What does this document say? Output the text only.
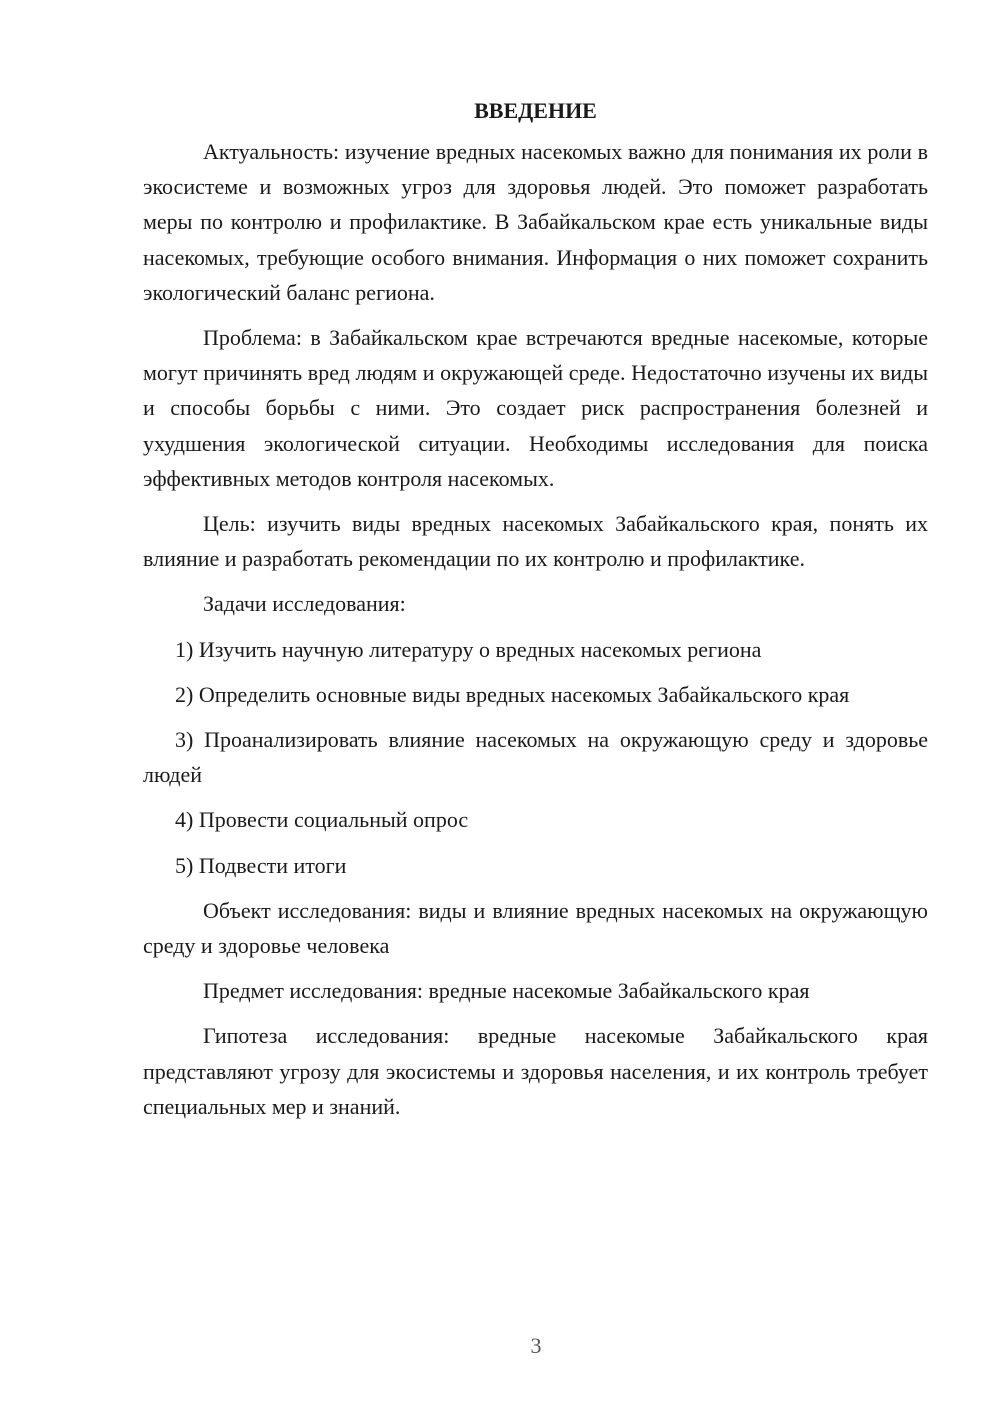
ВВЕДЕНИЕ

Актуальность: изучение вредных насекомых важно для понимания их роли в экосистеме и возможных угроз для здоровья людей. Это поможет разработать меры по контролю и профилактике. В Забайкальском крае есть уникальные виды насекомых, требующие особого внимания. Информация о них поможет сохранить экологический баланс региона.

Проблема: в Забайкальском крае встречаются вредные насекомые, которые могут причинять вред людям и окружающей среде. Недостаточно изучены их виды и способы борьбы с ними. Это создает риск распространения болезней и ухудшения экологической ситуации. Необходимы исследования для поиска эффективных методов контроля насекомых.

Цель: изучить виды вредных насекомых Забайкальского края, понять их влияние и разработать рекомендации по их контролю и профилактике.

Задачи исследования:

1) Изучить научную литературу о вредных насекомых региона

2) Определить основные виды вредных насекомых Забайкальского края

3) Проанализировать влияние насекомых на окружающую среду и здоровье людей

4) Провести социальный опрос

5) Подвести итоги

Объект исследования: виды и влияние вредных насекомых на окружающую среду и здоровье человека

Предмет исследования: вредные насекомые Забайкальского края

Гипотеза исследования: вредные насекомые Забайкальского края представляют угрозу для экосистемы и здоровья населения, и их контроль требует специальных мер и знаний.

3
